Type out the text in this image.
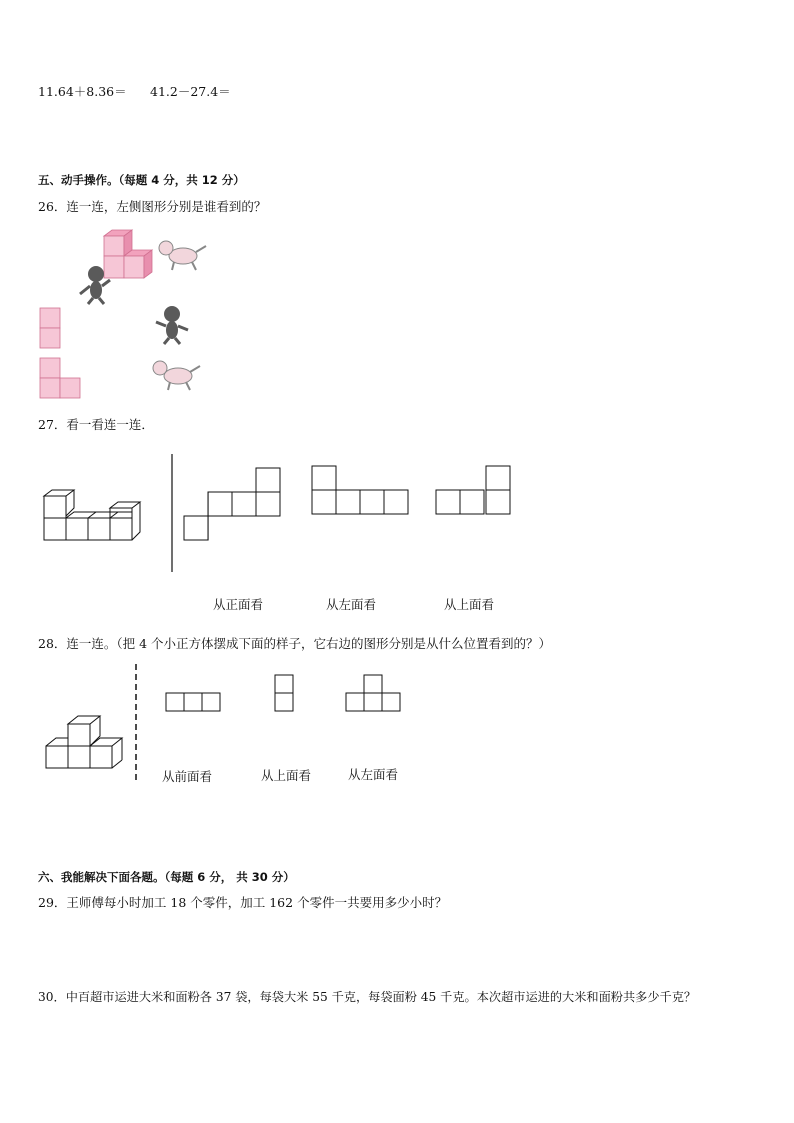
11.64＋8.36＝ 41.2－27.4＝
五、动手操作。（每题 4 分，共 12 分）
26．连一连，左侧图形分别是谁看到的？
27．看一看连一连．
从正面看	从左面看	从上面看
28．连一连。（把 4 个小正方体摆成下面的样子，它右边的图形分别是从什么位置看到的？）
从前面看	从上面看	从左面看
六、我能解决下面各题。（每题 6 分， 共 30 分）
29．王师傅每小时加工 18 个零件，加工 162 个零件一共要用多少小时？
30．中百超市运进大米和面粉各 37 袋，每袋大米 55 千克，每袋面粉 45 千克。本次超市运进的大米和面粉共多少千克？
